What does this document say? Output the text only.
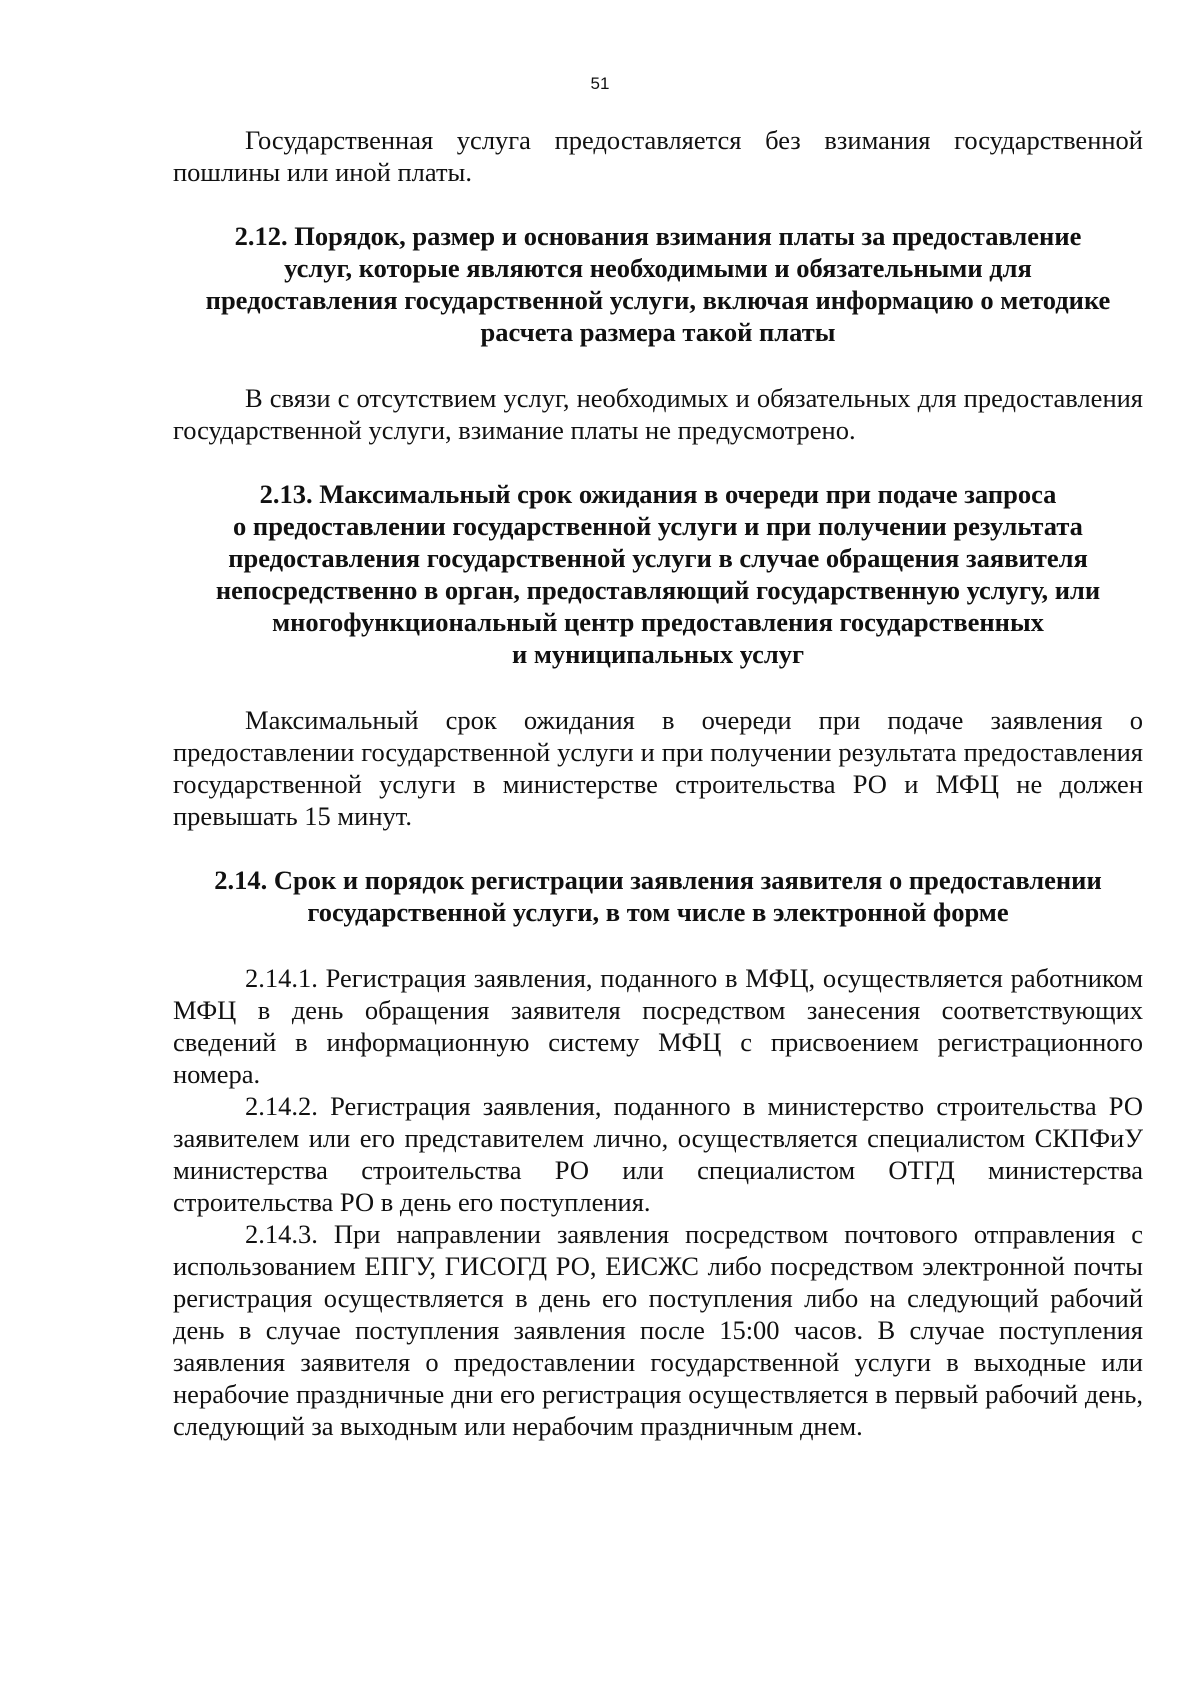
51

Государственная услуга предоставляется без взимания государственной пошлины или иной платы.

2.12. Порядок, размер и основания взимания платы за предоставление
услуг, которые являются необходимыми и обязательными для
предоставления государственной услуги, включая информацию о методике
расчета размера такой платы

В связи с отсутствием услуг, необходимых и обязательных для предоставления государственной услуги, взимание платы не предусмотрено.

2.13. Максимальный срок ожидания в очереди при подаче запроса
о предоставлении государственной услуги и при получении результата
предоставления государственной услуги в случае обращения заявителя
непосредственно в орган, предоставляющий государственную услугу, или
многофункциональный центр предоставления государственных
и муниципальных услуг

Максимальный срок ожидания в очереди при подаче заявления о предоставлении государственной услуги и при получении результата предоставления государственной услуги в министерстве строительства РО и МФЦ не должен превышать 15 минут.

2.14. Срок и порядок регистрации заявления заявителя о предоставлении
государственной услуги, в том числе в электронной форме

2.14.1. Регистрация заявления, поданного в МФЦ, осуществляется работником МФЦ в день обращения заявителя посредством занесения соответствующих сведений в информационную систему МФЦ с присвоением регистрационного номера.

2.14.2. Регистрация заявления, поданного в министерство строительства РО заявителем или его представителем лично, осуществляется специалистом СКПФиУ министерства строительства РО или специалистом ОТГД министерства строительства РО в день его поступления.

2.14.3. При направлении заявления посредством почтового отправления с использованием ЕПГУ, ГИСОГД РО, ЕИСЖС либо посредством электронной почты регистрация осуществляется в день его поступления либо на следующий рабочий день в случае поступления заявления после 15:00 часов. В случае поступления заявления заявителя о предоставлении государственной услуги в выходные или нерабочие праздничные дни его регистрация осуществляется в первый рабочий день, следующий за выходным или нерабочим праздничным днем.
